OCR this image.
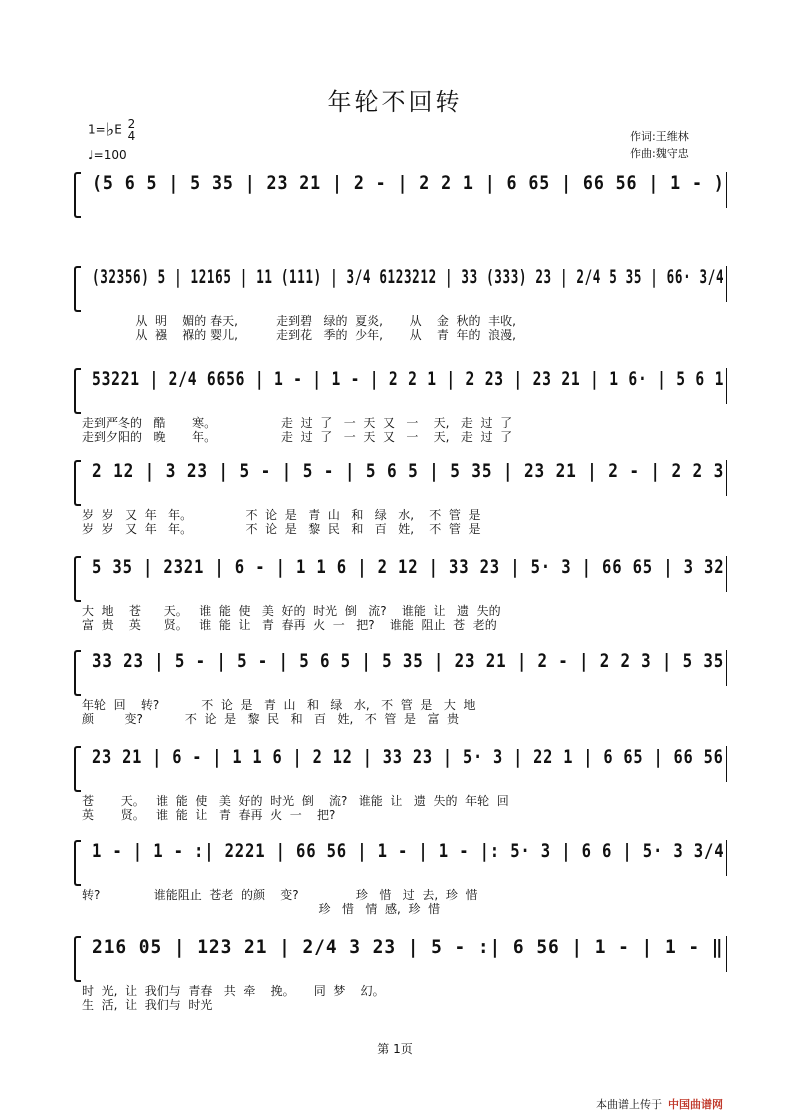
年轮不回转
1=♭E 2
4
♩=100
作词:王维林
作曲:魏守忠
(5 6 5 | 5 35 | 23 21 | 2 - | 2 2 1 | 6 65 | 66 56 | 1 - )
(32356) 5 | 12165 | 11 (111) | 3/4 6123212 | 33 (333) 23 | 2/4 5 35 | 66· 3/4
从  明    媚的 春天,          走到碧   绿的  夏炎,       从    金  秋的  丰收,
从  襁    褓的 婴儿,          走到花   季的  少年,       从    青  年的  浪漫,
53221 | 2/4 6656 | 1 - | 1 - | 2 2 1 | 2 23 | 23 21 | 1 6· | 5 6 1
走到严冬的   酷       寒。                 走  过  了   一  天  又   一    天,   走  过  了
走到夕阳的   晚       年。                 走  过  了   一  天  又   一    天,   走  过  了
2 12 | 3 23 | 5 - | 5 - | 5 6 5 | 5 35 | 23 21 | 2 - | 2 2 3
岁  岁   又  年   年。              不  论  是   青  山   和   绿   水,    不  管  是
岁  岁   又  年   年。              不  论  是   黎  民   和   百   姓,    不  管  是
5 35 | 2321 | 6 - | 1 1 6 | 2 12 | 33 23 | 5· 3 | 66 65 | 3 32
大  地    苍      天。   谁  能  使   美  好的  时光  倒   流?    谁能  让   遗  失的
富  贵    英      贤。   谁  能  让   青  春再  火  一   把?    谁能  阻止  苍  老的
33 23 | 5 - | 5 - | 5 6 5 | 5 35 | 23 21 | 2 - | 2 2 3 | 5 35
年轮  回    转?           不  论  是   青  山   和   绿   水,   不  管  是   大  地
颜        变?           不  论  是   黎  民   和   百   姓,   不  管  是   富  贵
23 21 | 6 - | 1 1 6 | 2 12 | 33 23 | 5· 3 | 22 1 | 6 65 | 66 56
苍       天。   谁  能  使   美  好的  时光  倒    流?   谁能  让   遗  失的  年轮  回
英       贤。   谁  能  让   青  春再  火  一    把?
1 - | 1 - :| 2221 | 66 56 | 1 - | 1 - |: 5· 3 | 6 6 | 5· 3 3/4
转?              谁能阻止  苍老  的颜    变?               珍   惜   过  去,  珍  惜
珍   惜   情  感,  珍  惜
216 05 | 123 21 | 2/4 3 23 | 5 - :| 6 56 | 1 - | 1 - ‖
时  光,  让  我们与  青春   共  牵    挽。     同  梦    幻。
生  活,  让  我们与  时光
第 1页
本曲谱上传于 中国曲谱网
